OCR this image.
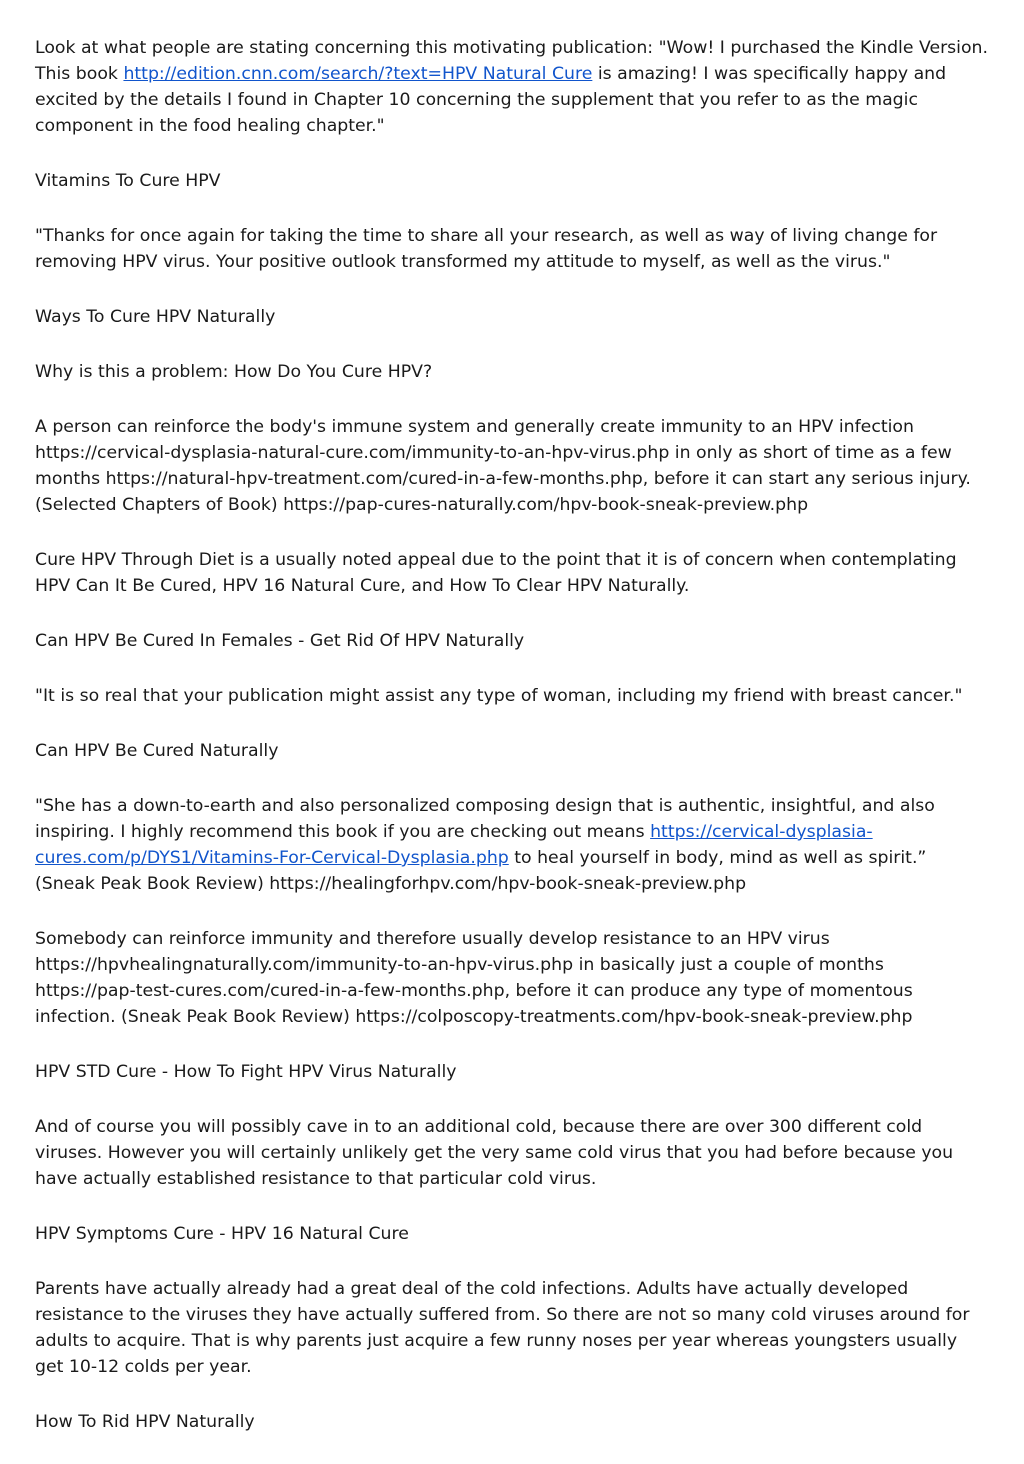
Look at what people are stating concerning this motivating publication: "Wow! I purchased the Kindle Version. This book http://edition.cnn.com/search/?text=HPV Natural Cure is amazing! I was specifically happy and excited by the details I found in Chapter 10 concerning the supplement that you refer to as the magic component in the food healing chapter."

Vitamins To Cure HPV

"Thanks for once again for taking the time to share all your research, as well as way of living change for removing HPV virus. Your positive outlook transformed my attitude to myself, as well as the virus."

Ways To Cure HPV Naturally

Why is this a problem: How Do You Cure HPV?

A person can reinforce the body's immune system and generally create immunity to an HPV infection https://cervical-dysplasia-natural-cure.com/immunity-to-an-hpv-virus.php in only as short of time as a few months https://natural-hpv-treatment.com/cured-in-a-few-months.php, before it can start any serious injury. (Selected Chapters of Book) https://pap-cures-naturally.com/hpv-book-sneak-preview.php

Cure HPV Through Diet is a usually noted appeal due to the point that it is of concern when contemplating HPV Can It Be Cured, HPV 16 Natural Cure, and How To Clear HPV Naturally.

Can HPV Be Cured In Females - Get Rid Of HPV Naturally

"It is so real that your publication might assist any type of woman, including my friend with breast cancer."

Can HPV Be Cured Naturally

"She has a down-to-earth and also personalized composing design that is authentic, insightful, and also inspiring. I highly recommend this book if you are checking out means https://cervical-dysplasia-cures.com/p/DYS1/Vitamins-For-Cervical-Dysplasia.php to heal yourself in body, mind as well as spirit.” (Sneak Peak Book Review) https://healingforhpv.com/hpv-book-sneak-preview.php

Somebody can reinforce immunity and therefore usually develop resistance to an HPV virus https://hpvhealingnaturally.com/immunity-to-an-hpv-virus.php in basically just a couple of months https://pap-test-cures.com/cured-in-a-few-months.php, before it can produce any type of momentous infection. (Sneak Peak Book Review) https://colposcopy-treatments.com/hpv-book-sneak-preview.php

HPV STD Cure - How To Fight HPV Virus Naturally

And of course you will possibly cave in to an additional cold, because there are over 300 different cold viruses. However you will certainly unlikely get the very same cold virus that you had before because you have actually established resistance to that particular cold virus.

HPV Symptoms Cure - HPV 16 Natural Cure

Parents have actually already had a great deal of the cold infections. Adults have actually developed resistance to the viruses they have actually suffered from. So there are not so many cold viruses around for adults to acquire. That is why parents just acquire a few runny noses per year whereas youngsters usually get 10-12 colds per year.

How To Rid HPV Naturally
